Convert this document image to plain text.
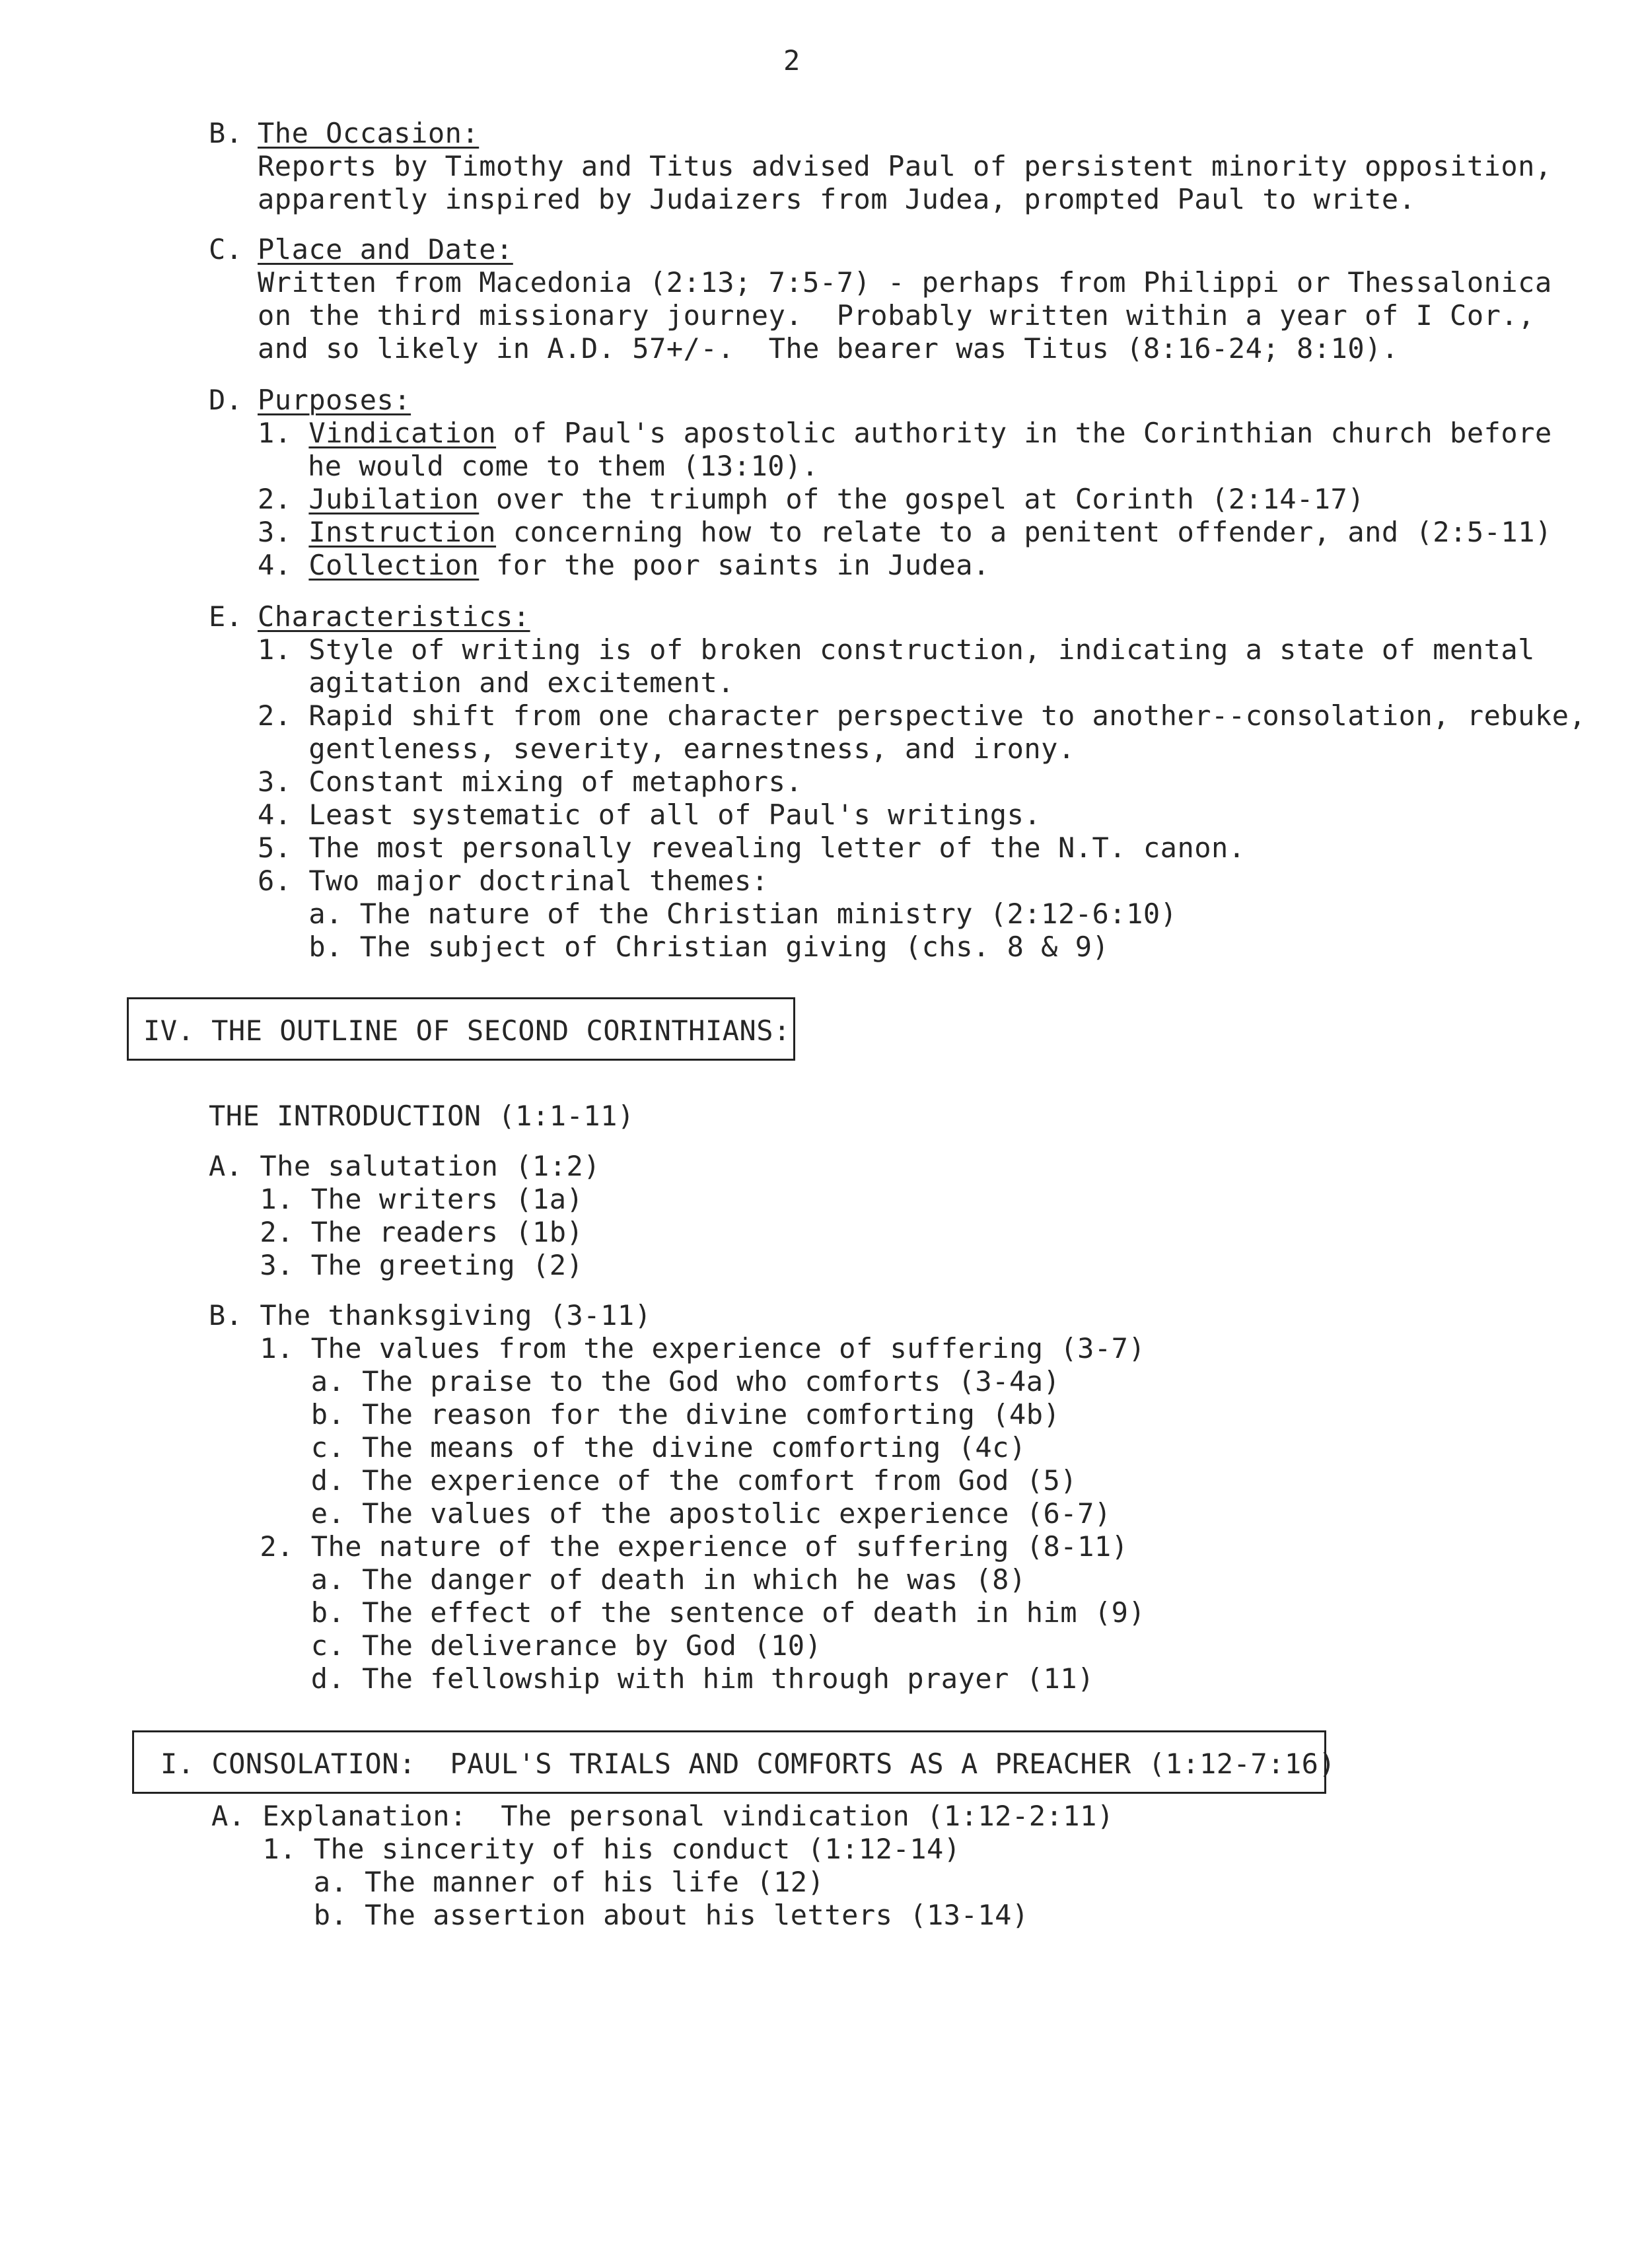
2
B. The Occasion:
Reports by Timothy and Titus advised Paul of persistent minority opposition,
apparently inspired by Judaizers from Judea, prompted Paul to write.
C. Place and Date:
Written from Macedonia (2:13; 7:5-7) - perhaps from Philippi or Thessalonica
on the third missionary journey.  Probably written within a year of I Cor.,
and so likely in A.D. 57+/-.  The bearer was Titus (8:16-24; 8:10).
D. Purposes:
1. Vindication of Paul's apostolic authority in the Corinthian church before
he would come to them (13:10).
2. Jubilation over the triumph of the gospel at Corinth (2:14-17)
3. Instruction concerning how to relate to a penitent offender, and (2:5-11)
4. Collection for the poor saints in Judea.
E. Characteristics:
1. Style of writing is of broken construction, indicating a state of mental
agitation and excitement.
2. Rapid shift from one character perspective to another--consolation, rebuke,
gentleness, severity, earnestness, and irony.
3. Constant mixing of metaphors.
4. Least systematic of all of Paul's writings.
5. The most personally revealing letter of the N.T. canon.
6. Two major doctrinal themes:
a. The nature of the Christian ministry (2:12-6:10)
b. The subject of Christian giving (chs. 8 & 9)
IV. THE OUTLINE OF SECOND CORINTHIANS:
THE INTRODUCTION (1:1-11)
A. The salutation (1:2)
1. The writers (1a)
2. The readers (1b)
3. The greeting (2)
B. The thanksgiving (3-11)
1. The values from the experience of suffering (3-7)
a. The praise to the God who comforts (3-4a)
b. The reason for the divine comforting (4b)
c. The means of the divine comforting (4c)
d. The experience of the comfort from God (5)
e. The values of the apostolic experience (6-7)
2. The nature of the experience of suffering (8-11)
a. The danger of death in which he was (8)
b. The effect of the sentence of death in him (9)
c. The deliverance by God (10)
d. The fellowship with him through prayer (11)
I. CONSOLATION:  PAUL'S TRIALS AND COMFORTS AS A PREACHER (1:12-7:16)
A. Explanation:  The personal vindication (1:12-2:11)
1. The sincerity of his conduct (1:12-14)
a. The manner of his life (12)
b. The assertion about his letters (13-14)
